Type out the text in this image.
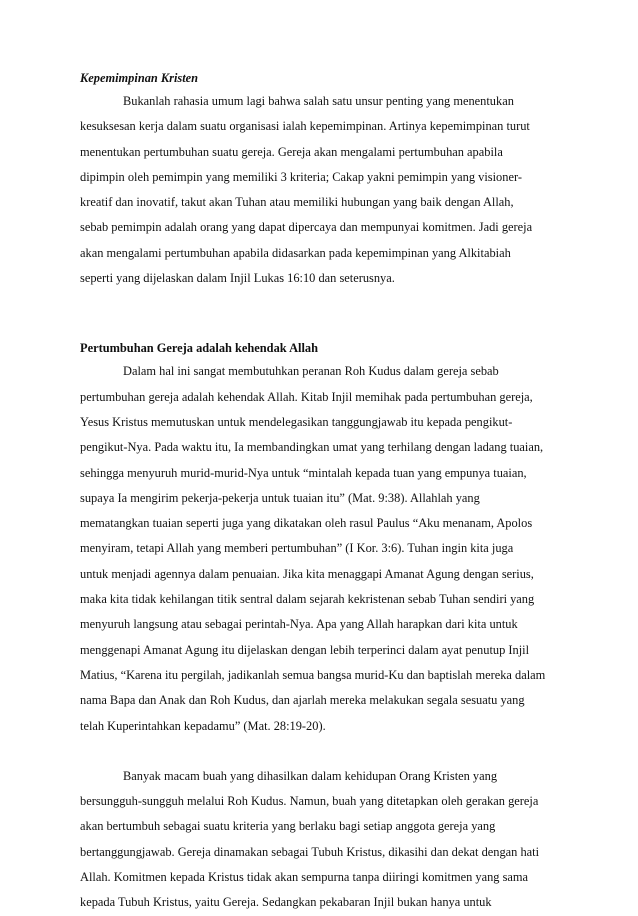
Kepemimpinan Kristen

Bukanlah rahasia umum lagi bahwa salah satu unsur penting yang menentukan

kesuksesan kerja dalam suatu organisasi ialah kepemimpinan. Artinya kepemimpinan turut

menentukan pertumbuhan suatu gereja. Gereja akan mengalami pertumbuhan apabila

dipimpin oleh pemimpin yang memiliki 3 kriteria; Cakap yakni pemimpin yang visioner-

kreatif dan inovatif, takut akan Tuhan atau memiliki hubungan yang baik dengan Allah,

sebab pemimpin adalah orang yang dapat dipercaya dan mempunyai komitmen. Jadi gereja

akan mengalami pertumbuhan apabila didasarkan pada kepemimpinan yang Alkitabiah

seperti yang dijelaskan dalam Injil Lukas 16:10 dan seterusnya.

Pertumbuhan Gereja adalah kehendak Allah

Dalam hal ini sangat membutuhkan peranan Roh Kudus dalam gereja sebab

pertumbuhan gereja adalah kehendak Allah. Kitab Injil memihak pada pertumbuhan gereja,

Yesus Kristus memutuskan untuk mendelegasikan tanggungjawab itu kepada pengikut-

pengikut-Nya. Pada waktu itu, Ia membandingkan umat yang terhilang dengan ladang tuaian,

sehingga menyuruh murid-murid-Nya untuk “mintalah kepada tuan yang empunya tuaian,

supaya Ia mengirim pekerja-pekerja untuk tuaian itu” (Mat. 9:38). Allahlah yang

mematangkan tuaian seperti juga yang dikatakan oleh rasul Paulus “Aku menanam, Apolos

menyiram, tetapi Allah yang memberi pertumbuhan” (I Kor. 3:6). Tuhan ingin kita juga

untuk menjadi agennya dalam penuaian. Jika kita menaggapi Amanat Agung dengan serius,

maka kita tidak kehilangan titik sentral dalam sejarah kekristenan sebab Tuhan sendiri yang

menyuruh langsung atau sebagai perintah-Nya. Apa yang Allah harapkan dari kita untuk

menggenapi Amanat Agung itu dijelaskan dengan lebih terperinci dalam ayat penutup Injil

Matius, “Karena itu pergilah, jadikanlah semua bangsa murid-Ku dan baptislah mereka dalam

nama Bapa dan Anak dan Roh Kudus, dan ajarlah mereka melakukan segala sesuatu yang

telah Kuperintahkan kepadamu” (Mat. 28:19-20).

Banyak macam buah yang dihasilkan dalam kehidupan Orang Kristen yang

bersungguh-sungguh melalui Roh Kudus. Namun, buah yang ditetapkan oleh gerakan gereja

akan bertumbuh sebagai suatu kriteria yang berlaku bagi setiap anggota gereja yang

bertanggungjawab. Gereja dinamakan sebagai Tubuh Kristus, dikasihi dan dekat dengan hati

Allah. Komitmen kepada Kristus tidak akan sempurna tanpa diiringi komitmen yang sama

kepada Tubuh Kristus, yaitu Gereja. Sedangkan pekabaran Injil bukan hanya untuk
